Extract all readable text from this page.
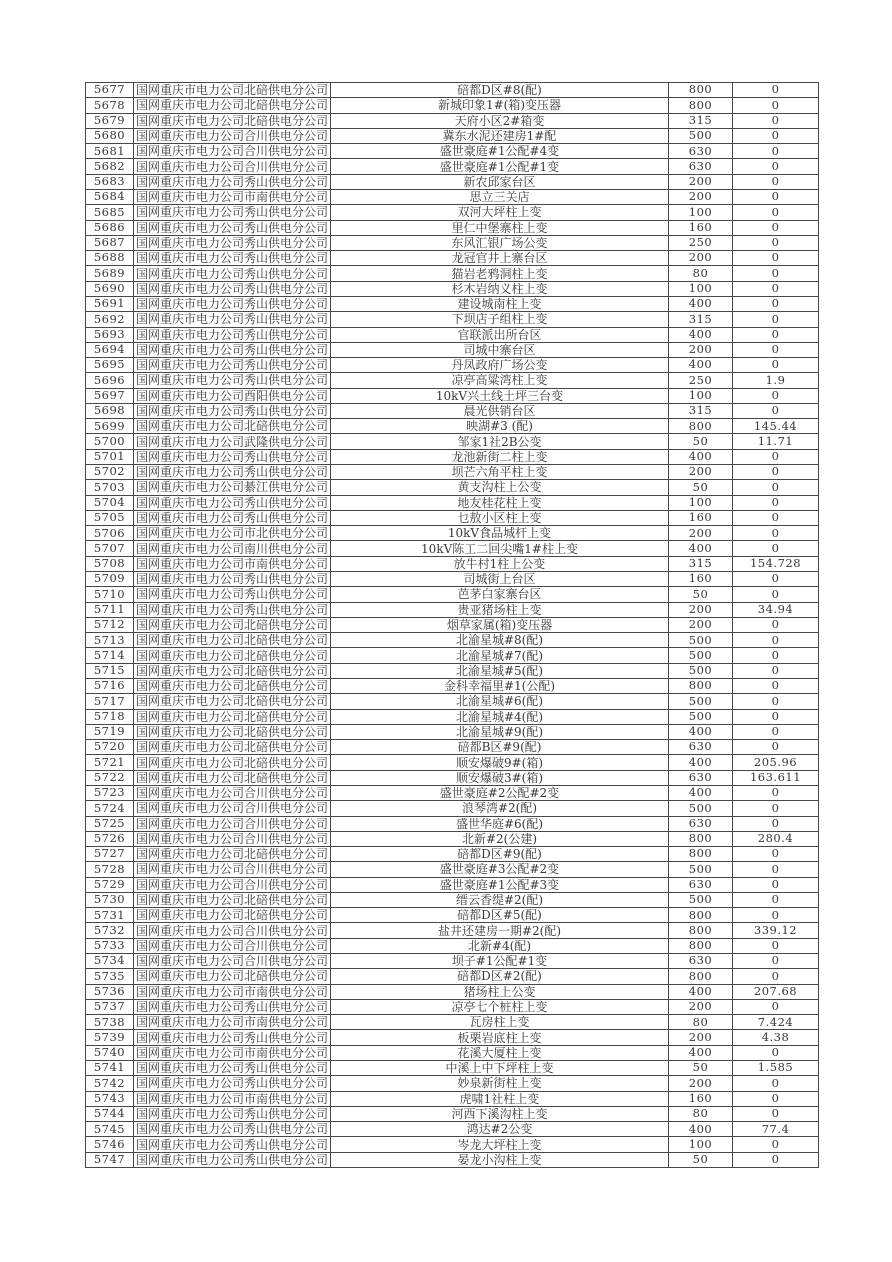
5677	国网重庆市电力公司北碚供电分公司	碚都D区#8(配)	800	0
5678	国网重庆市电力公司北碚供电分公司	新城印象1#(箱)变压器	800	0
5679	国网重庆市电力公司北碚供电分公司	天府小区2#箱变	315	0
5680	国网重庆市电力公司合川供电分公司	冀东水泥还建房1#配	500	0
5681	国网重庆市电力公司合川供电分公司	盛世豪庭#1公配#4变	630	0
5682	国网重庆市电力公司合川供电分公司	盛世豪庭#1公配#1变	630	0
5683	国网重庆市电力公司秀山供电分公司	新农邱家台区	200	0
5684	国网重庆市电力公司市南供电分公司	思立三关店	200	0
5685	国网重庆市电力公司秀山供电分公司	双河大坪柱上变	100	0
5686	国网重庆市电力公司秀山供电分公司	里仁中堡寨柱上变	160	0
5687	国网重庆市电力公司秀山供电分公司	东风汇银广场公变	250	0
5688	国网重庆市电力公司秀山供电分公司	龙冠官井上寨台区	200	0
5689	国网重庆市电力公司秀山供电分公司	猫岩老鸦洞柱上变	80	0
5690	国网重庆市电力公司秀山供电分公司	杉木岩纳义柱上变	100	0
5691	国网重庆市电力公司秀山供电分公司	建设城南柱上变	400	0
5692	国网重庆市电力公司秀山供电分公司	下坝店子组柱上变	315	0
5693	国网重庆市电力公司秀山供电分公司	官联派出所台区	400	0
5694	国网重庆市电力公司秀山供电分公司	司城中寨台区	200	0
5695	国网重庆市电力公司秀山供电分公司	丹凤政府广场公变	400	0
5696	国网重庆市电力公司秀山供电分公司	凉亭高粱湾柱上变	250	1.9
5697	国网重庆市电力公司酉阳供电分公司	10kV兴土线土坪三台变	100	0
5698	国网重庆市电力公司秀山供电分公司	晨光供销台区	315	0
5699	国网重庆市电力公司北碚供电分公司	映湖#3 (配)	800	145.44
5700	国网重庆市电力公司武隆供电分公司	邹家1社2B公变	50	11.71
5701	国网重庆市电力公司秀山供电分公司	龙池新街二柱上变	400	0
5702	国网重庆市电力公司秀山供电分公司	坝芒六角平柱上变	200	0
5703	国网重庆市电力公司綦江供电分公司	黄支沟柱上公变	50	0
5704	国网重庆市电力公司秀山供电分公司	地友桂花柱上变	100	0
5705	国网重庆市电力公司秀山供电分公司	乜敖小区柱上变	160	0
5706	国网重庆市电力公司市北供电分公司	10kV食品城杆上变	200	0
5707	国网重庆市电力公司南川供电分公司	10kV陈工二回尖嘴1#柱上变	400	0
5708	国网重庆市电力公司市南供电分公司	放牛村1柱上公变	315	154.728
5709	国网重庆市电力公司秀山供电分公司	司城街上台区	160	0
5710	国网重庆市电力公司秀山供电分公司	芭茅白家寨台区	50	0
5711	国网重庆市电力公司秀山供电分公司	贵亚猪场柱上变	200	34.94
5712	国网重庆市电力公司北碚供电分公司	烟草家属(箱)变压器	200	0
5713	国网重庆市电力公司北碚供电分公司	北渝星城#8(配)	500	0
5714	国网重庆市电力公司北碚供电分公司	北渝星城#7(配)	500	0
5715	国网重庆市电力公司北碚供电分公司	北渝星城#5(配)	500	0
5716	国网重庆市电力公司北碚供电分公司	金科幸福里#1(公配)	800	0
5717	国网重庆市电力公司北碚供电分公司	北渝星城#6(配)	500	0
5718	国网重庆市电力公司北碚供电分公司	北渝星城#4(配)	500	0
5719	国网重庆市电力公司北碚供电分公司	北渝星城#9(配)	400	0
5720	国网重庆市电力公司北碚供电分公司	碚都B区#9(配)	630	0
5721	国网重庆市电力公司北碚供电分公司	顺安爆破9#(箱)	400	205.96
5722	国网重庆市电力公司北碚供电分公司	顺安爆破3#(箱)	630	163.611
5723	国网重庆市电力公司合川供电分公司	盛世豪庭#2公配#2变	400	0
5724	国网重庆市电力公司合川供电分公司	浪琴湾#2(配)	500	0
5725	国网重庆市电力公司合川供电分公司	盛世华庭#6(配)	630	0
5726	国网重庆市电力公司合川供电分公司	北新#2(公建)	800	280.4
5727	国网重庆市电力公司北碚供电分公司	碚都D区#9(配)	800	0
5728	国网重庆市电力公司合川供电分公司	盛世豪庭#3公配#2变	500	0
5729	国网重庆市电力公司合川供电分公司	盛世豪庭#1公配#3变	630	0
5730	国网重庆市电力公司北碚供电分公司	缙云香缇#2(配)	500	0
5731	国网重庆市电力公司北碚供电分公司	碚都D区#5(配)	800	0
5732	国网重庆市电力公司合川供电分公司	盐井还建房一期#2(配)	800	339.12
5733	国网重庆市电力公司合川供电分公司	北新#4(配)	800	0
5734	国网重庆市电力公司合川供电分公司	坝子#1公配#1变	630	0
5735	国网重庆市电力公司北碚供电分公司	碚都D区#2(配)	800	0
5736	国网重庆市电力公司市南供电分公司	猪场柱上公变	400	207.68
5737	国网重庆市电力公司秀山供电分公司	凉亭七个桩柱上变	200	0
5738	国网重庆市电力公司市南供电分公司	瓦房柱上变	80	7.424
5739	国网重庆市电力公司秀山供电分公司	板栗岩底柱上变	200	4.38
5740	国网重庆市电力公司市南供电分公司	花溪大厦柱上变	400	0
5741	国网重庆市电力公司秀山供电分公司	中溪上中下坪柱上变	50	1.585
5742	国网重庆市电力公司秀山供电分公司	妙泉新街柱上变	200	0
5743	国网重庆市电力公司市南供电分公司	虎啸1社柱上变	160	0
5744	国网重庆市电力公司秀山供电分公司	河西下溪沟柱上变	80	0
5745	国网重庆市电力公司秀山供电分公司	鸿达#2公变	400	77.4
5746	国网重庆市电力公司秀山供电分公司	岑龙大坪柱上变	100	0
5747	国网重庆市电力公司秀山供电分公司	晏龙小沟柱上变	50	0
